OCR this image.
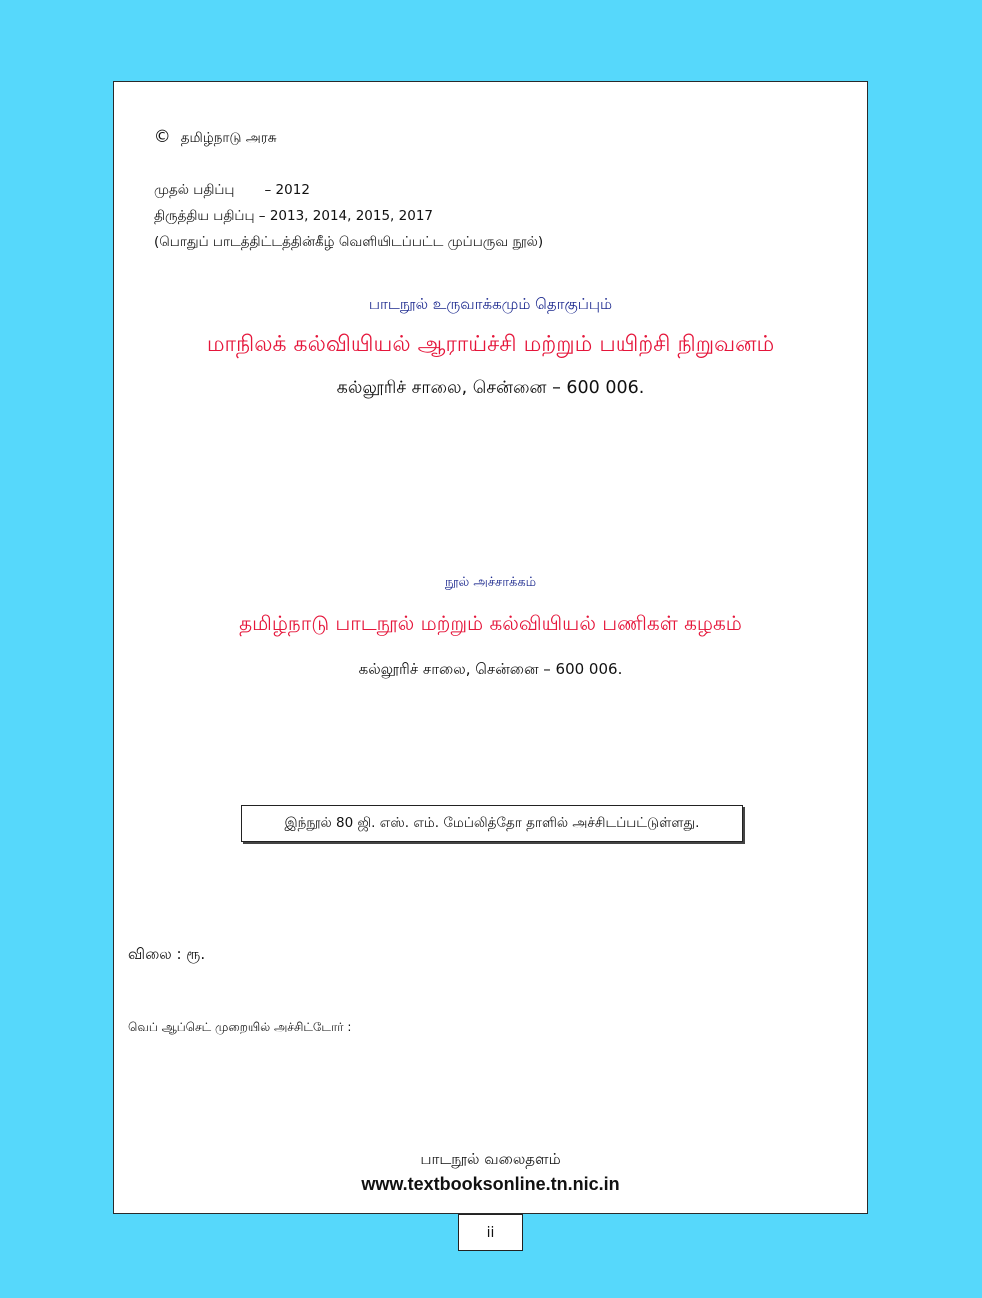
© தமிழ்நாடு அரசு

முதல் பதிப்பு       – 2012
திருத்திய பதிப்பு – 2013, 2014, 2015, 2017
(பொதுப் பாடத்திட்டத்தின்கீழ் வெளியிடப்பட்ட முப்பருவ நூல்)
பாடநூல் உருவாக்கமும் தொகுப்பும்
மாநிலக் கல்வியியல் ஆராய்ச்சி மற்றும் பயிற்சி நிறுவனம்
கல்லூரிச் சாலை, சென்னை – 600 006.
நூல் அச்சாக்கம்
தமிழ்நாடு பாடநூல் மற்றும் கல்வியியல் பணிகள் கழகம்
கல்லூரிச் சாலை, சென்னை – 600 006.
இந்நூல் 80 ஜி. எஸ். எம். மேப்லித்தோ தாளில் அச்சிடப்பட்டுள்ளது.
விலை : ரூ.
வெப் ஆப்செட் முறையில் அச்சிட்டோர் :
பாடநூல் வலைதளம்
www.textbooksonline.tn.nic.in
ii
